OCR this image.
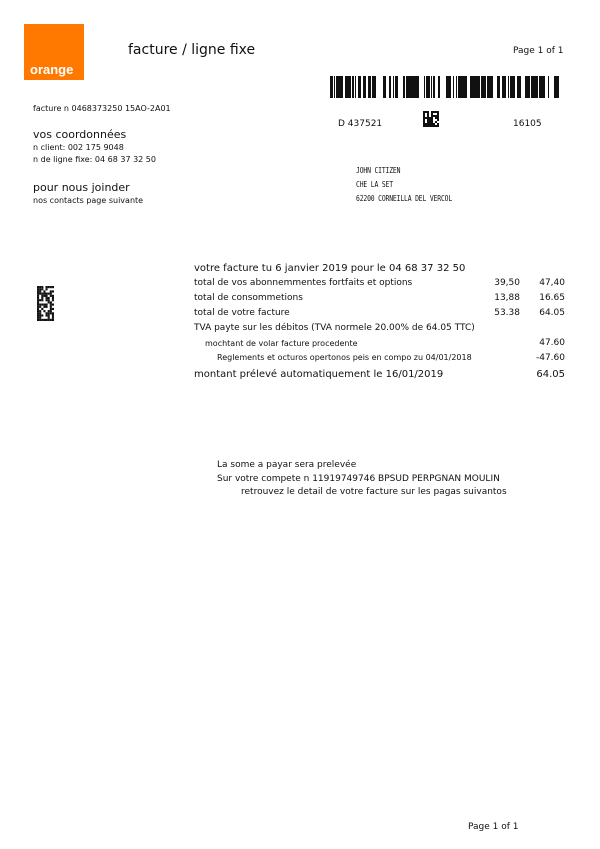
orange
facture / ligne fixe	Page 1 of 1
facture n 0468373250 15AO-2A01
D 437521	16105
vos coordonnées
n client: 002 175 9048
n de ligne fixe: 04 68 37 32 50
pour nous joinder
nos contacts page suivante
JOHN CITIZEN
CHE LA SET
62200 CORNEILLA DEL VERCOL
votre facture tu 6 janvier 2019 pour le 04 68 37 32 50
total de vos abonnemmentes fortfaits et options	39,50 47,40
total de consommetions	13,88 16.65
total de votre facture	53.38 64.05
TVA payte sur les débitos (TVA normele 20.00% de 64.05 TTC)
mochtant de volar facture procedente	47.60
Reglements et octuros opertonos peis en compo zu 04/01/2018	-47.60
montant prélevé automatiquement le 16/01/2019	64.05
La some a payar sera prelevée
Sur votre compete n 11919749746 BPSUD PERPGNAN MOULIN
retrouvez le detail de votre facture sur les pagas suivantos
Page 1 of 1
